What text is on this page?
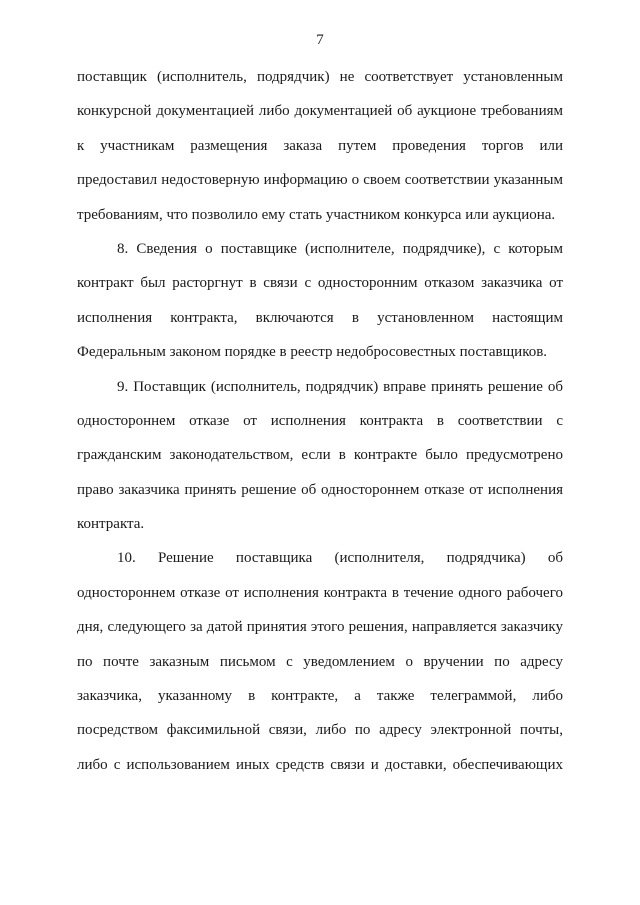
7
поставщик (исполнитель, подрядчик) не соответствует установленным
конкурсной документацией либо документацией об аукционе требованиям
к участникам размещения заказа путем проведения торгов или
предоставил недостоверную информацию о своем соответствии указанным
требованиям, что позволило ему стать участником конкурса или аукциона.
8. Сведения о поставщике (исполнителе, подрядчике), с которым
контракт был расторгнут в связи с односторонним отказом заказчика от
исполнения контракта, включаются в установленном настоящим
Федеральным законом порядке в реестр недобросовестных поставщиков.
9. Поставщик (исполнитель, подрядчик) вправе принять решение об
одностороннем отказе от исполнения контракта в соответствии с
гражданским законодательством, если в контракте было предусмотрено
право заказчика принять решение об одностороннем отказе от исполнения
контракта.
10. Решение поставщика (исполнителя, подрядчика) об
одностороннем отказе от исполнения контракта в течение одного рабочего
дня, следующего за датой принятия этого решения, направляется заказчику
по почте заказным письмом с уведомлением о вручении по адресу
заказчика, указанному в контракте, а также телеграммой, либо
посредством факсимильной связи, либо по адресу электронной почты,
либо с использованием иных средств связи и доставки, обеспечивающих
